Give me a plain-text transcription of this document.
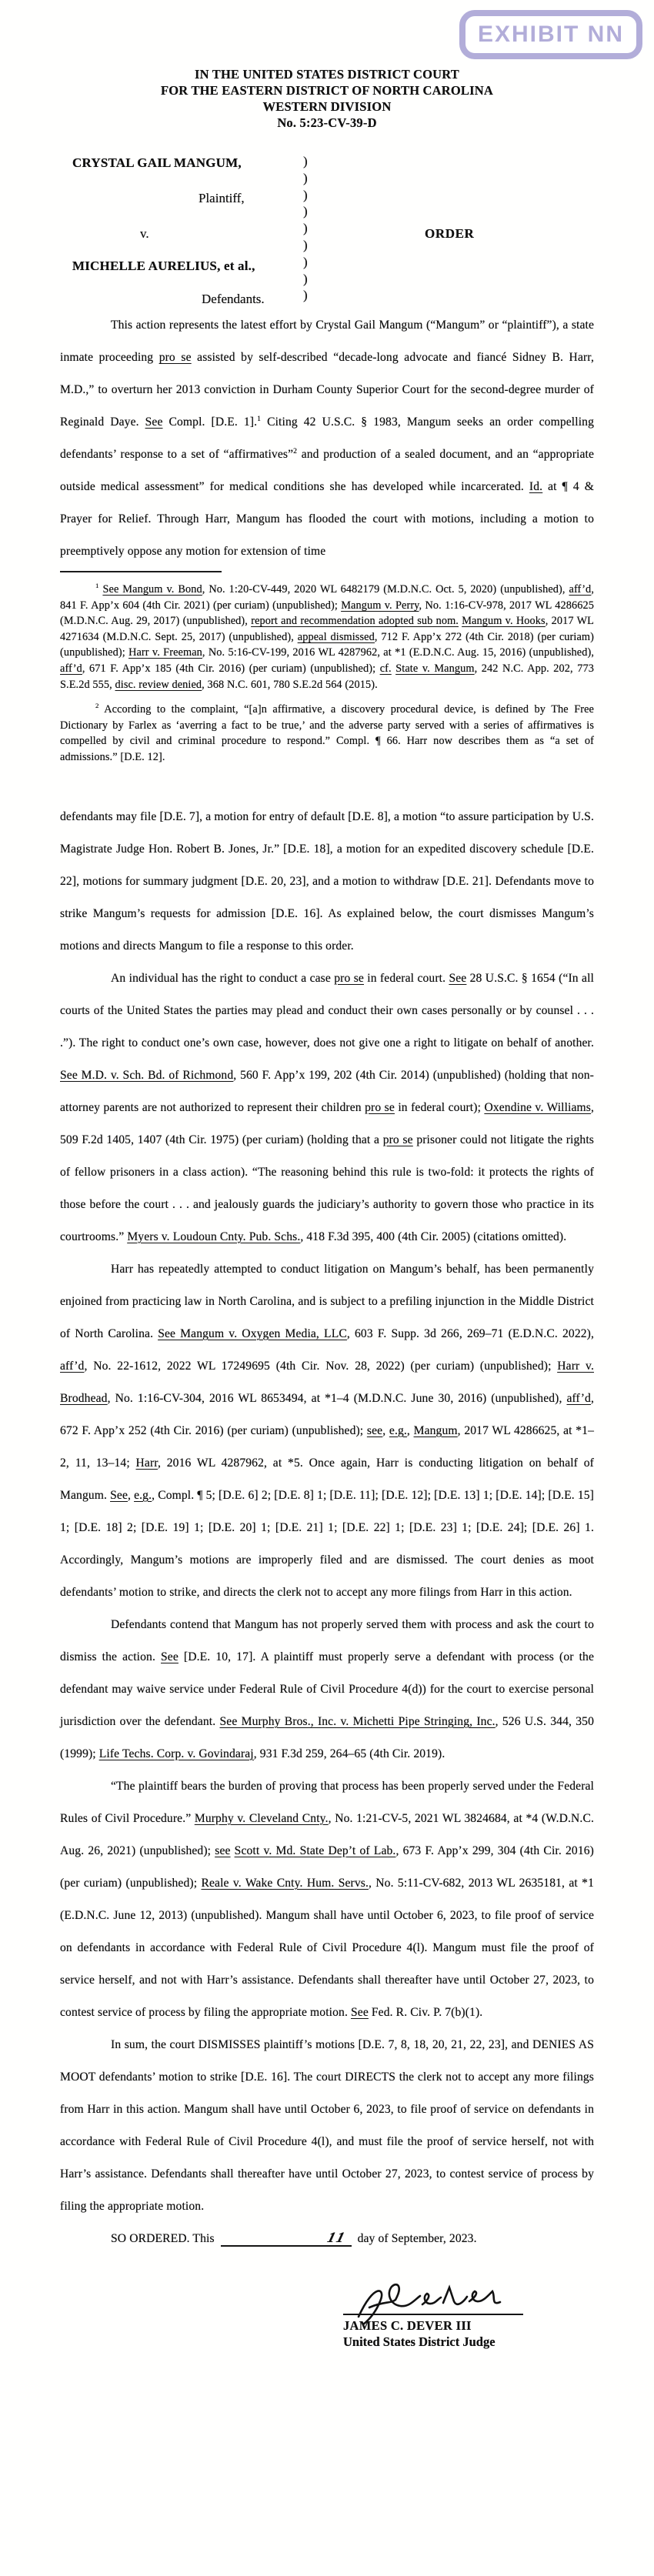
EXHIBIT NN
IN THE UNITED STATES DISTRICT COURT
FOR THE EASTERN DISTRICT OF NORTH CAROLINA
WESTERN DIVISION
No. 5:23-CV-39-D
CRYSTAL GAIL MANGUM,
Plaintiff,
v.
MICHELLE AURELIUS, et al.,
Defendants.
)
)
)
)
)
)
)
)
)
ORDER

This action represents the latest effort by Crystal Gail Mangum (“Mangum” or “plaintiff”), a state inmate proceeding pro se assisted by self-described “decade-long advocate and fiancé Sidney B. Harr, M.D.,” to overturn her 2013 conviction in Durham County Superior Court for the second-degree murder of Reginald Daye. See Compl. [D.E. 1].$^1$ Citing 42 U.S.C. § 1983, Mangum seeks an order compelling defendants’ response to a set of “affirmatives”$^2$ and production of a sealed document, and an “appropriate outside medical assessment” for medical conditions she has developed while incarcerated. Id. at ¶ 4 & Prayer for Relief. Through Harr, Mangum has flooded the court with motions, including a motion to preemptively oppose any motion for extension of time

$^1$ See Mangum v. Bond, No. 1:20-CV-449, 2020 WL 6482179 (M.D.N.C. Oct. 5, 2020) (unpublished), aff’d, 841 F. App’x 604 (4th Cir. 2021) (per curiam) (unpublished); Mangum v. Perry, No. 1:16-CV-978, 2017 WL 4286625 (M.D.N.C. Aug. 29, 2017) (unpublished), report and recommendation adopted sub nom. Mangum v. Hooks, 2017 WL 4271634 (M.D.N.C. Sept. 25, 2017) (unpublished), appeal dismissed, 712 F. App’x 272 (4th Cir. 2018) (per curiam) (unpublished); Harr v. Freeman, No. 5:16-CV-199, 2016 WL 4287962, at *1 (E.D.N.C. Aug. 15, 2016) (unpublished), aff’d, 671 F. App’x 185 (4th Cir. 2016) (per curiam) (unpublished); cf. State v. Mangum, 242 N.C. App. 202, 773 S.E.2d 555, disc. review denied, 368 N.C. 601, 780 S.E.2d 564 (2015).

$^2$ According to the complaint, “[a]n affirmative, a discovery procedural device, is defined by The Free Dictionary by Farlex as ‘averring a fact to be true,’ and the adverse party served with a series of affirmatives is compelled by civil and criminal procedure to respond.” Compl. ¶ 66. Harr now describes them as “a set of admissions.” [D.E. 12].

defendants may file [D.E. 7], a motion for entry of default [D.E. 8], a motion “to assure participation by U.S. Magistrate Judge Hon. Robert B. Jones, Jr.” [D.E. 18], a motion for an expedited discovery schedule [D.E. 22], motions for summary judgment [D.E. 20, 23], and a motion to withdraw [D.E. 21]. Defendants move to strike Mangum’s requests for admission [D.E. 16]. As explained below, the court dismisses Mangum’s motions and directs Mangum to file a response to this order.

An individual has the right to conduct a case pro se in federal court. See 28 U.S.C. § 1654 (“In all courts of the United States the parties may plead and conduct their own cases personally or by counsel . . . .”). The right to conduct one’s own case, however, does not give one a right to litigate on behalf of another. See M.D. v. Sch. Bd. of Richmond, 560 F. App’x 199, 202 (4th Cir. 2014) (unpublished) (holding that non-attorney parents are not authorized to represent their children pro se in federal court); Oxendine v. Williams, 509 F.2d 1405, 1407 (4th Cir. 1975) (per curiam) (holding that a pro se prisoner could not litigate the rights of fellow prisoners in a class action). “The reasoning behind this rule is two-fold: it protects the rights of those before the court . . . and jealously guards the judiciary’s authority to govern those who practice in its courtrooms.” Myers v. Loudoun Cnty. Pub. Schs., 418 F.3d 395, 400 (4th Cir. 2005) (citations omitted).

Harr has repeatedly attempted to conduct litigation on Mangum’s behalf, has been permanently enjoined from practicing law in North Carolina, and is subject to a prefiling injunction in the Middle District of North Carolina. See Mangum v. Oxygen Media, LLC, 603 F. Supp. 3d 266, 269–71 (E.D.N.C. 2022), aff’d, No. 22-1612, 2022 WL 17249695 (4th Cir. Nov. 28, 2022) (per curiam) (unpublished); Harr v. Brodhead, No. 1:16-CV-304, 2016 WL 8653494, at *1–4 (M.D.N.C. June 30, 2016) (unpublished), aff’d, 672 F. App’x 252 (4th Cir. 2016) (per curiam) (unpublished); see, e.g., Mangum, 2017 WL 4286625, at *1–2, 11, 13–14; Harr, 2016 WL 4287962, at *5. Once again, Harr is conducting litigation on behalf of Mangum. See, e.g., Compl. ¶ 5; [D.E. 6] 2; [D.E. 8] 1; [D.E. 11]; [D.E. 12]; [D.E. 13] 1; [D.E. 14]; [D.E. 15] 1; [D.E. 18] 2; [D.E. 19] 1; [D.E. 20] 1; [D.E. 21] 1; [D.E. 22] 1; [D.E. 23] 1; [D.E. 24]; [D.E. 26] 1. Accordingly, Mangum’s motions are improperly filed and are dismissed. The court denies as moot defendants’ motion to strike, and directs the clerk not to accept any more filings from Harr in this action.

Defendants contend that Mangum has not properly served them with process and ask the court to dismiss the action. See [D.E. 10, 17]. A plaintiff must properly serve a defendant with process (or the defendant may waive service under Federal Rule of Civil Procedure 4(d)) for the court to exercise personal jurisdiction over the defendant. See Murphy Bros., Inc. v. Michetti Pipe Stringing, Inc., 526 U.S. 344, 350 (1999); Life Techs. Corp. v. Govindaraj, 931 F.3d 259, 264–65 (4th Cir. 2019).

“The plaintiff bears the burden of proving that process has been properly served under the Federal Rules of Civil Procedure.” Murphy v. Cleveland Cnty., No. 1:21-CV-5, 2021 WL 3824684, at *4 (W.D.N.C. Aug. 26, 2021) (unpublished); see Scott v. Md. State Dep’t of Lab., 673 F. App’x 299, 304 (4th Cir. 2016) (per curiam) (unpublished); Reale v. Wake Cnty. Hum. Servs., No. 5:11-CV-682, 2013 WL 2635181, at *1 (E.D.N.C. June 12, 2013) (unpublished). Mangum shall have until October 6, 2023, to file proof of service on defendants in accordance with Federal Rule of Civil Procedure 4(l). Mangum must file the proof of service herself, and not with Harr’s assistance. Defendants shall thereafter have until October 27, 2023, to contest service of process by filing the appropriate motion. See Fed. R. Civ. P. 7(b)(1).

In sum, the court DISMISSES plaintiff’s motions [D.E. 7, 8, 18, 20, 21, 22, 23], and DENIES AS MOOT defendants’ motion to strike [D.E. 16]. The court DIRECTS the clerk not to accept any more filings from Harr in this action. Mangum shall have until October 6, 2023, to file proof of service on defendants in accordance with Federal Rule of Civil Procedure 4(l), and must file the proof of service herself, not with Harr’s assistance. Defendants shall thereafter have until October 27, 2023, to contest service of process by filing the appropriate motion.

SO ORDERED. This	11 day of September, 2023.

JAMES C. DEVER III
United States District Judge
